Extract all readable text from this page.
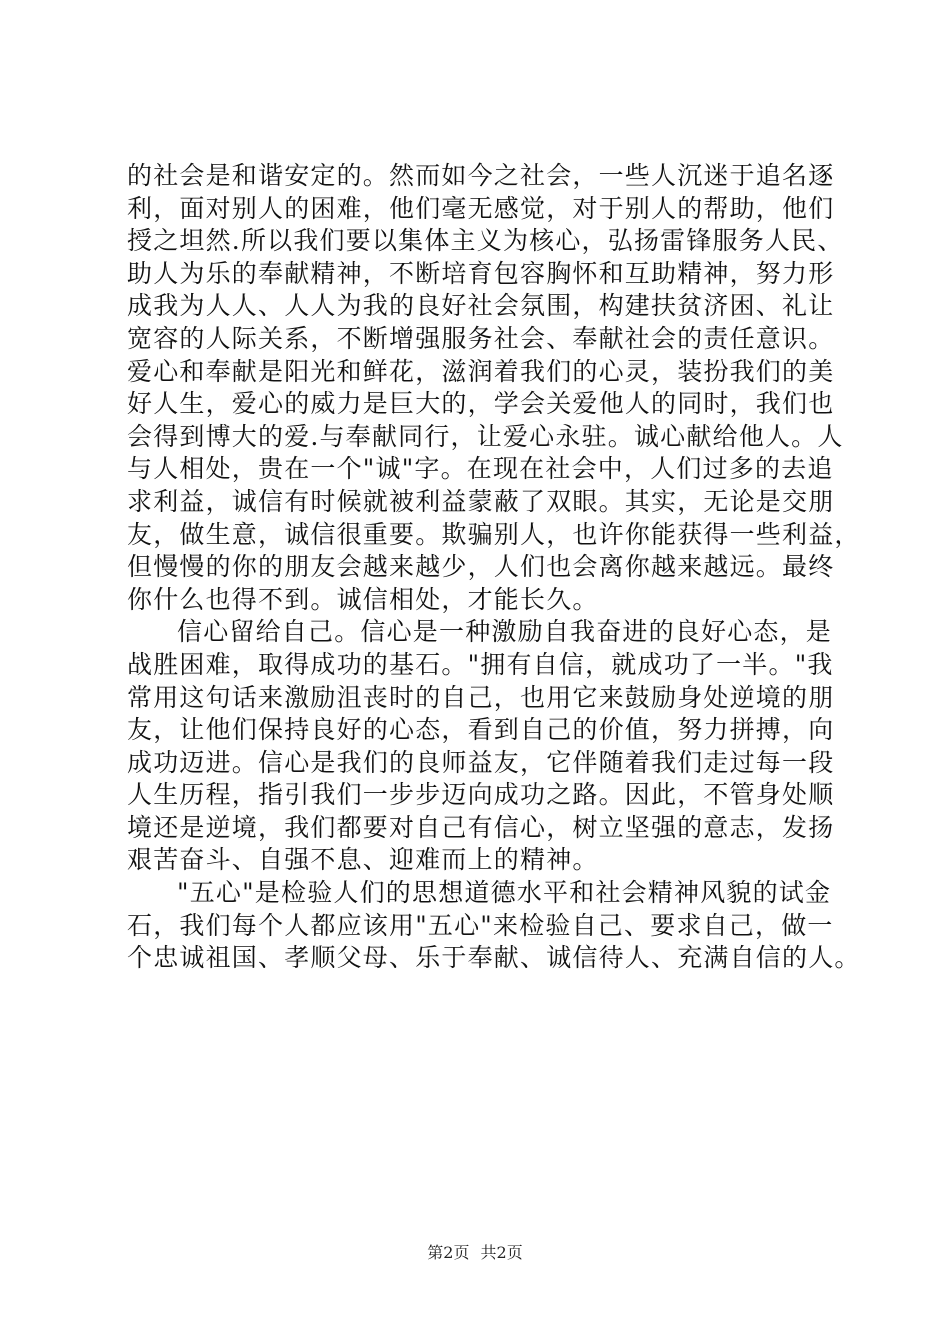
的社会是和谐安定的。然而如今之社会，一些人沉迷于追名逐
利，面对别人的困难，他们毫无感觉，对于别人的帮助，他们
授之坦然.所以我们要以集体主义为核心，弘扬雷锋服务人民、
助人为乐的奉献精神，不断培育包容胸怀和互助精神，努力形
成我为人人、人人为我的良好社会氛围，构建扶贫济困、礼让
宽容的人际关系，不断增强服务社会、奉献社会的责任意识。
爱心和奉献是阳光和鲜花，滋润着我们的心灵，装扮我们的美
好人生，爱心的威力是巨大的，学会关爱他人的同时，我们也
会得到博大的爱.与奉献同行，让爱心永驻。诚心献给他人。人
与人相处，贵在一个"诚"字。在现在社会中，人们过多的去追
求利益，诚信有时候就被利益蒙蔽了双眼。其实，无论是交朋
友，做生意，诚信很重要。欺骗别人，也许你能获得一些利益，
但慢慢的你的朋友会越来越少，人们也会离你越来越远。最终
你什么也得不到。诚信相处，才能长久。
信心留给自己。信心是一种激励自我奋进的良好心态，是
战胜困难，取得成功的基石。"拥有自信，就成功了一半。"我
常用这句话来激励沮丧时的自己，也用它来鼓励身处逆境的朋
友，让他们保持良好的心态，看到自己的价值，努力拼搏，向
成功迈进。信心是我们的良师益友，它伴随着我们走过每一段
人生历程，指引我们一步步迈向成功之路。因此，不管身处顺
境还是逆境，我们都要对自己有信心，树立坚强的意志，发扬
艰苦奋斗、自强不息、迎难而上的精神。
"五心"是检验人们的思想道德水平和社会精神风貌的试金
石，我们每个人都应该用"五心"来检验自己、要求自己，做一
个忠诚祖国、孝顺父母、乐于奉献、诚信待人、充满自信的人。
第2页 共2页
